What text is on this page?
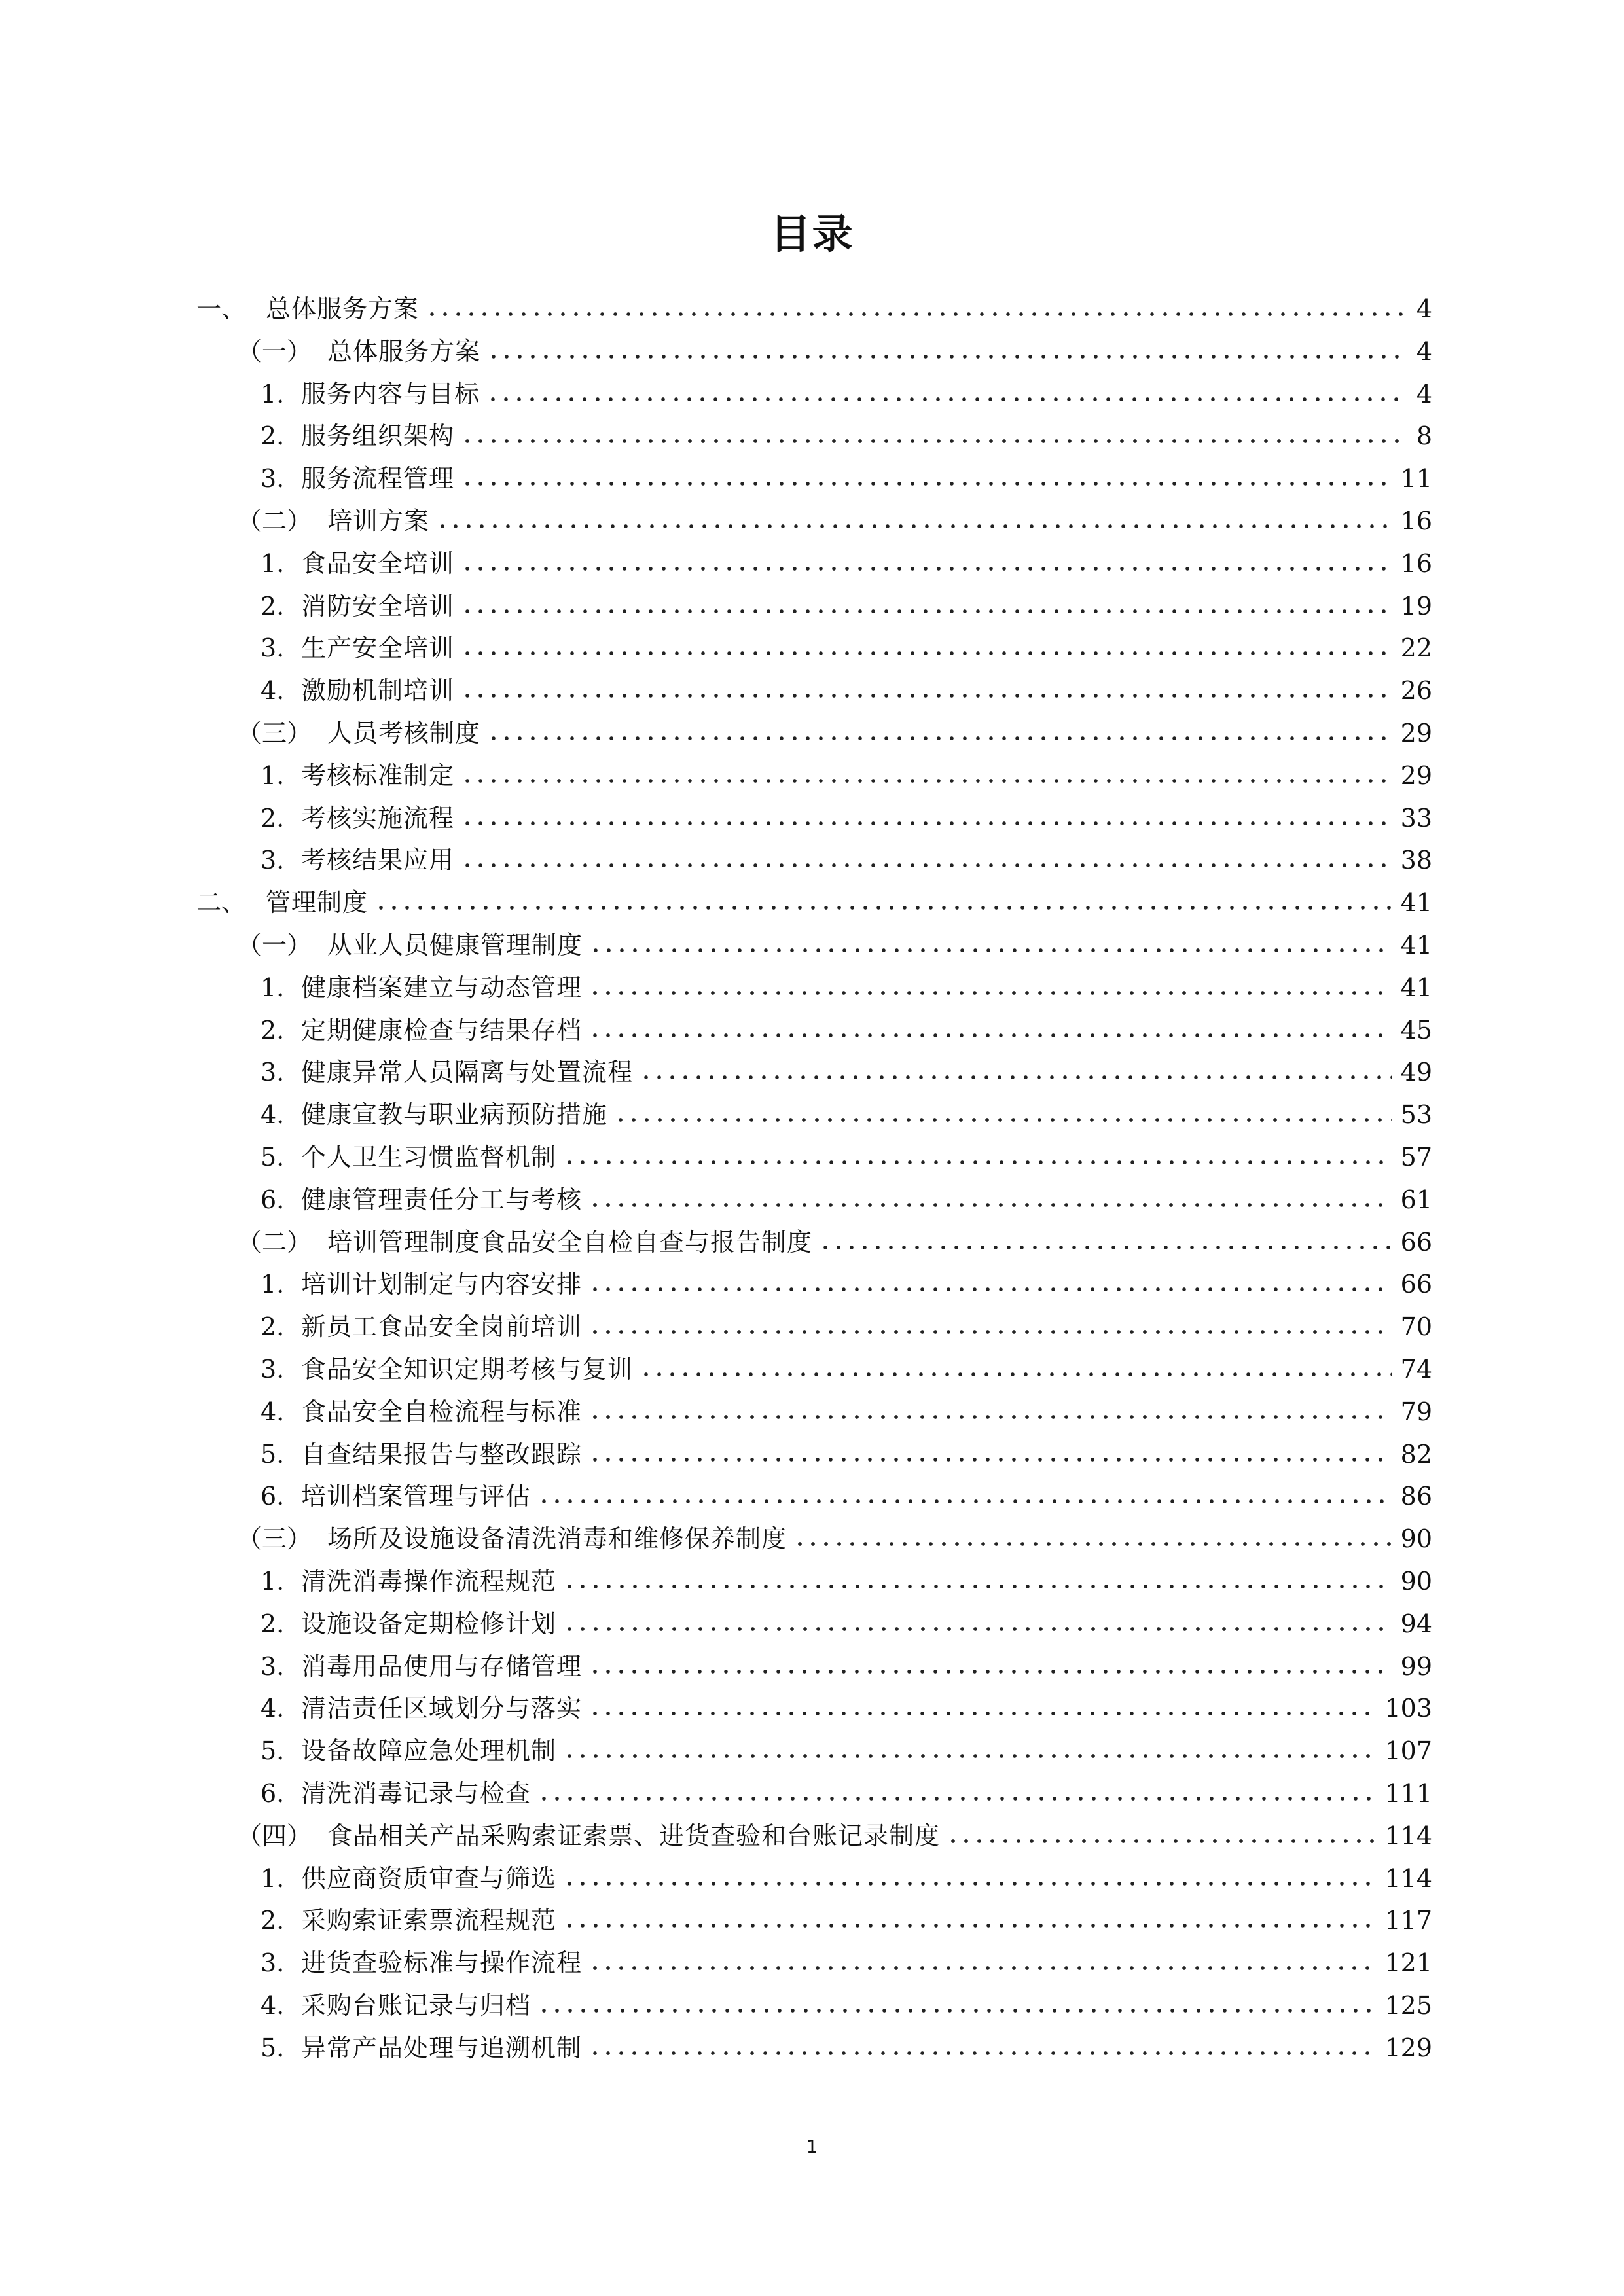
目录
一、 总体服务方案	4
（一） 总体服务方案	4
1. 服务内容与目标	4
2. 服务组织架构	8
3. 服务流程管理	11
（二） 培训方案	16
1. 食品安全培训	16
2. 消防安全培训	19
3. 生产安全培训	22
4. 激励机制培训	26
（三） 人员考核制度	29
1. 考核标准制定	29
2. 考核实施流程	33
3. 考核结果应用	38
二、 管理制度	41
（一） 从业人员健康管理制度	41
1. 健康档案建立与动态管理	41
2. 定期健康检查与结果存档	45
3. 健康异常人员隔离与处置流程	49
4. 健康宣教与职业病预防措施	53
5. 个人卫生习惯监督机制	57
6. 健康管理责任分工与考核	61
（二） 培训管理制度食品安全自检自查与报告制度	66
1. 培训计划制定与内容安排	66
2. 新员工食品安全岗前培训	70
3. 食品安全知识定期考核与复训	74
4. 食品安全自检流程与标准	79
5. 自查结果报告与整改跟踪	82
6. 培训档案管理与评估	86
（三） 场所及设施设备清洗消毒和维修保养制度	90
1. 清洗消毒操作流程规范	90
2. 设施设备定期检修计划	94
3. 消毒用品使用与存储管理	99
4. 清洁责任区域划分与落实	103
5. 设备故障应急处理机制	107
6. 清洗消毒记录与检查	111
（四） 食品相关产品采购索证索票、进货查验和台账记录制度	114
1. 供应商资质审查与筛选	114
2. 采购索证索票流程规范	117
3. 进货查验标准与操作流程	121
4. 采购台账记录与归档	125
5. 异常产品处理与追溯机制	129
1
